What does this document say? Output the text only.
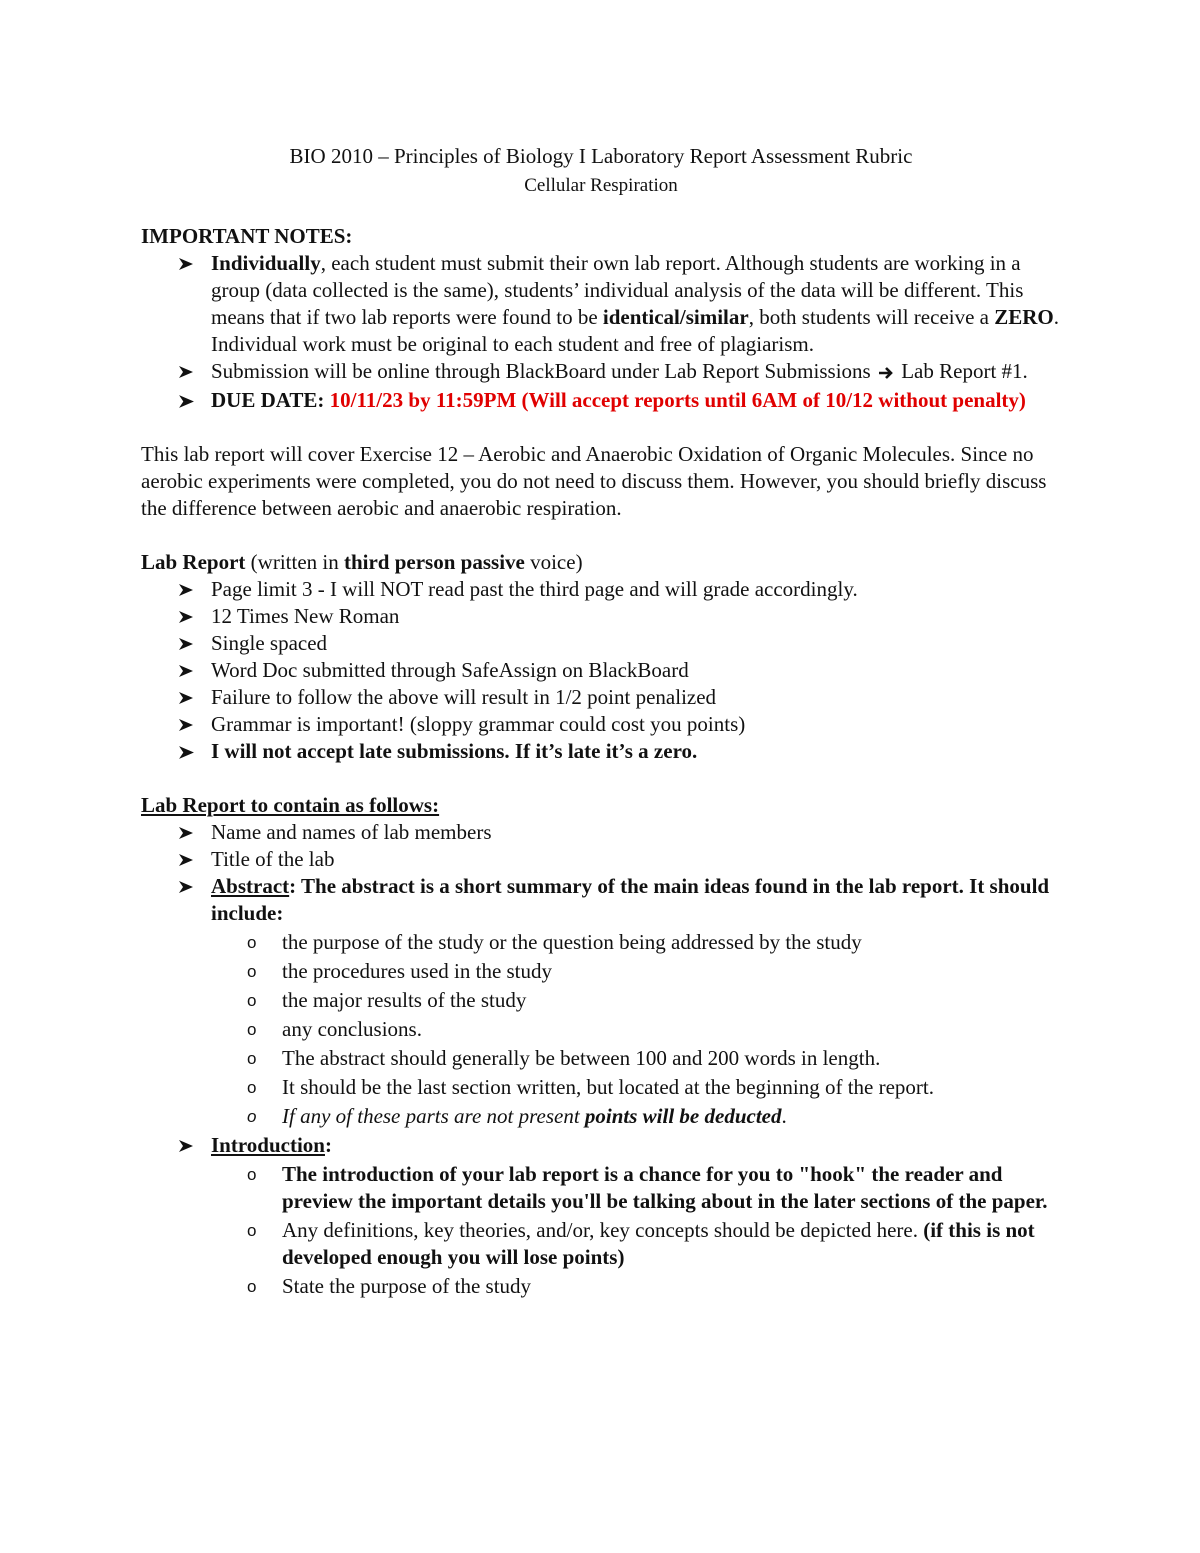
BIO 2010 – Principles of Biology I Laboratory Report Assessment Rubric
Cellular Respiration

IMPORTANT NOTES:

Individually, each student must submit their own lab report. Although students are working in a group (data collected is the same), students’ individual analysis of the data will be different. This means that if two lab reports were found to be identical/similar, both students will receive a ZERO. Individual work must be original to each student and free of plagiarism.
Submission will be online through BlackBoard under Lab Report Submissions  Lab Report #1.
DUE DATE: 10/11/23 by 11:59PM (Will accept reports until 6AM of 10/12 without penalty)

This lab report will cover Exercise 12 – Aerobic and Anaerobic Oxidation of Organic Molecules. Since no aerobic experiments were completed, you do not need to discuss them. However, you should briefly discuss the difference between aerobic and anaerobic respiration.

Lab Report (written in third person passive voice)

Page limit 3 - I will NOT read past the third page and will grade accordingly.
12 Times New Roman
Single spaced
Word Doc submitted through SafeAssign on BlackBoard
Failure to follow the above will result in 1/2 point penalized
Grammar is important! (sloppy grammar could cost you points)
I will not accept late submissions. If it’s late it’s a zero.

Lab Report to contain as follows:

Name and names of lab members
Title of the lab
Abstract: The abstract is a short summary of the main ideas found in the lab report. It should include:
o the purpose of the study or the question being addressed by the study
o the procedures used in the study
o the major results of the study
o any conclusions.
o The abstract should generally be between 100 and 200 words in length.
o It should be the last section written, but located at the beginning of the report.
o If any of these parts are not present points will be deducted.
Introduction:
o The introduction of your lab report is a chance for you to "hook" the reader and preview the important details you'll be talking about in the later sections of the paper.
o Any definitions, key theories, and/or, key concepts should be depicted here. (if this is not developed enough you will lose points)
o State the purpose of the study
